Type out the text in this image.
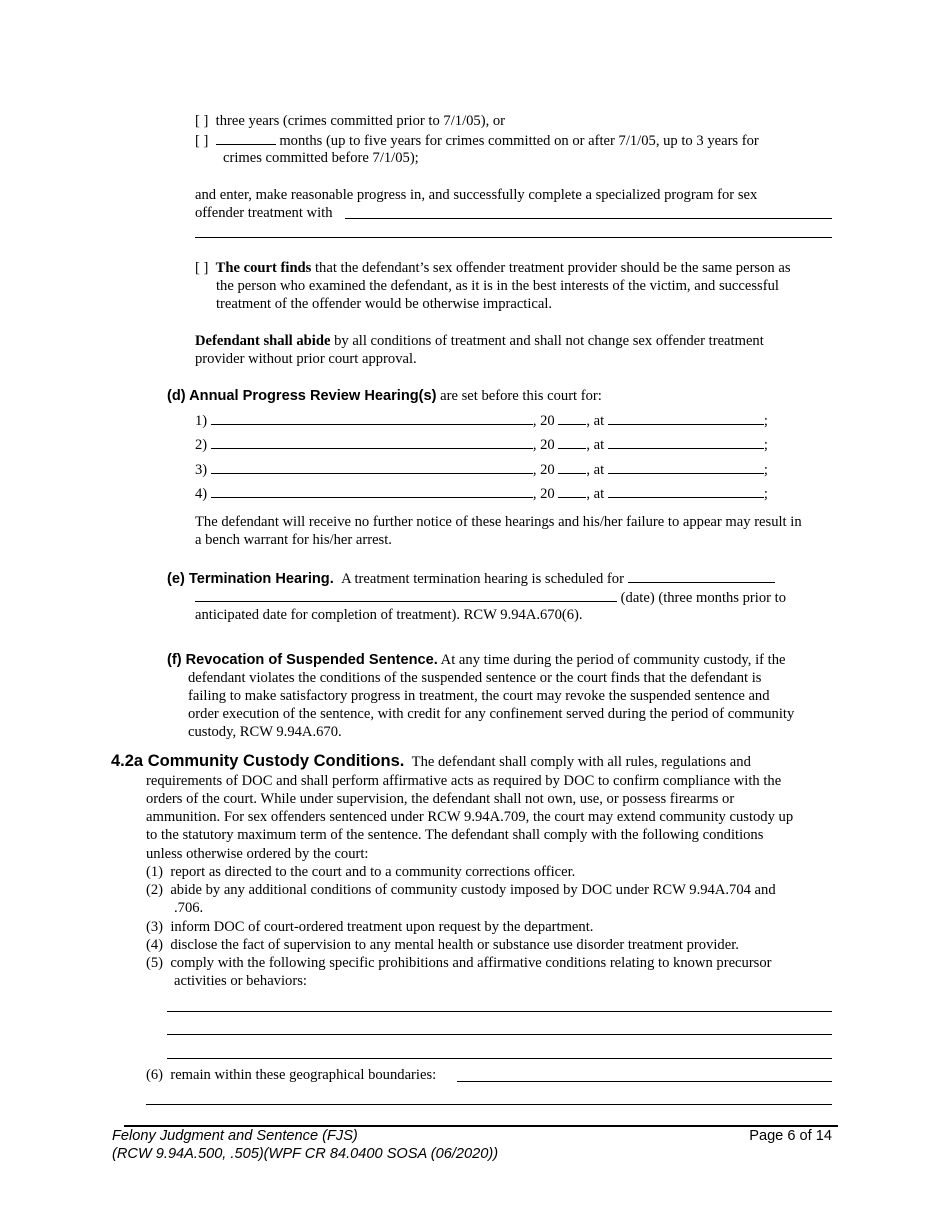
[ ] three years (crimes committed prior to 7/1/05), or
[ ]	months (up to five years for crimes committed on or after 7/1/05, up to 3 years for
crimes committed before 7/1/05);
and enter, make reasonable progress in, and successfully complete a specialized program for sex
offender treatment with
[ ] The court finds that the defendant’s sex offender treatment provider should be the same person as
the person who examined the defendant, as it is in the best interests of the victim, and successful
treatment of the offender would be otherwise impractical.
Defendant shall abide by all conditions of treatment and shall not change sex offender treatment
provider without prior court approval.
(d) Annual Progress Review Hearing(s) are set before this court for:
1)	, 20 , at	;
2)	, 20 , at	;
3)	, 20 , at	;
4)	, 20 , at	;
The defendant will receive no further notice of these hearings and his/her failure to appear may result in
a bench warrant for his/her arrest.
(e) Termination Hearing. A treatment termination hearing is scheduled for
(date) (three months prior to
anticipated date for completion of treatment). RCW 9.94A.670(6).
(f) Revocation of Suspended Sentence. At any time during the period of community custody, if the
defendant violates the conditions of the suspended sentence or the court finds that the defendant is
failing to make satisfactory progress in treatment, the court may revoke the suspended sentence and
order execution of the sentence, with credit for any confinement served during the period of community
custody, RCW 9.94A.670.
4.2a Community Custody Conditions. The defendant shall comply with all rules, regulations and
requirements of DOC and shall perform affirmative acts as required by DOC to confirm compliance with the
orders of the court. While under supervision, the defendant shall not own, use, or possess firearms or
ammunition. For sex offenders sentenced under RCW 9.94A.709, the court may extend community custody up
to the statutory maximum term of the sentence. The defendant shall comply with the following conditions
unless otherwise ordered by the court:
(1) report as directed to the court and to a community corrections officer.
(2) abide by any additional conditions of community custody imposed by DOC under RCW 9.94A.704 and
.706.
(3) inform DOC of court-ordered treatment upon request by the department.
(4) disclose the fact of supervision to any mental health or substance use disorder treatment provider.
(5) comply with the following specific prohibitions and affirmative conditions relating to known precursor
activities or behaviors:
(6) remain within these geographical boundaries:
Felony Judgment and Sentence (FJS)
(RCW 9.94A.500, .505)(WPF CR 84.0400 SOSA (06/2020))
Page 6 of 14
